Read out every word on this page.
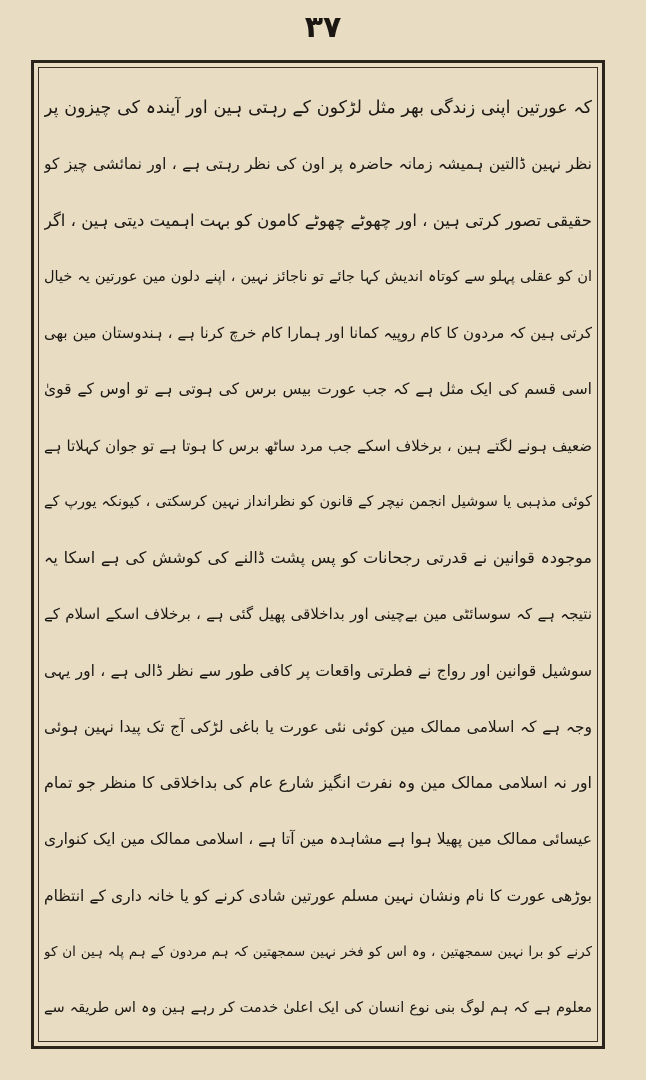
۳۷
کہ عورتین اپنی زندگی بھر مثل لڑکون کے رہتی ہین اور آیندہ کی چیزون پر
نظر نہین ڈالتین ہمیشہ زمانہ حاضرہ پر اون کی نظر رہتی ہے ، اور نمائشی چیز کو
حقیقی تصور کرتی ہین ، اور چھوٹے چھوٹے کامون کو بہت اہمیت دیتی ہین ، اگر
ان کو عقلی پہلو سے کوتاہ اندیش کہا جائے تو ناجائز نہین ، اپنے دلون مین عورتین یہ خیال
کرتی ہین کہ مردون کا کام روپیہ کمانا اور ہمارا کام خرچ کرنا ہے ، ہندوستان مین بھی
اسی قسم کی ایک مثل ہے کہ جب عورت بیس برس کی ہوتی ہے تو اوس کے قویٰ
ضعیف ہونے لگتے ہین ، برخلاف اسکے جب مرد ساٹھ برس کا ہوتا ہے تو جوان کہلاتا ہے
کوئی مذہبی یا سوشیل انجمن نیچر کے قانون کو نظرانداز نہین کرسکتی ، کیونکہ یورپ کے
موجودہ قوانین نے قدرتی رجحانات کو پس پشت ڈالنے کی کوشش کی ہے اسکا یہ
نتیجہ ہے کہ سوسائٹی مین بےچینی اور بداخلاقی پھیل گئی ہے ، برخلاف اسکے اسلام کے
سوشیل قوانین اور رواج نے فطرتی واقعات پر کافی طور سے نظر ڈالی ہے ، اور یہی
وجہ ہے کہ اسلامی ممالک مین کوئی نئی عورت یا باغی لڑکی آج تک پیدا نہین ہوئی
اور نہ اسلامی ممالک مین وہ نفرت انگیز شارع عام کی بداخلاقی کا منظر جو تمام
عیسائی ممالک مین پھیلا ہوا ہے مشاہدہ مین آتا ہے ، اسلامی ممالک مین ایک کنواری
بوڑھی عورت کا نام ونشان نہین مسلم عورتین شادی کرنے کو یا خانہ داری کے انتظام
کرنے کو برا نہین سمجھتین ، وہ اس کو فخر نہین سمجھتین کہ ہم مردون کے ہم پلہ ہین ان کو
معلوم ہے کہ ہم لوگ بنی نوع انسان کی ایک اعلیٰ خدمت کر رہے ہین وہ اس طریقہ سے
